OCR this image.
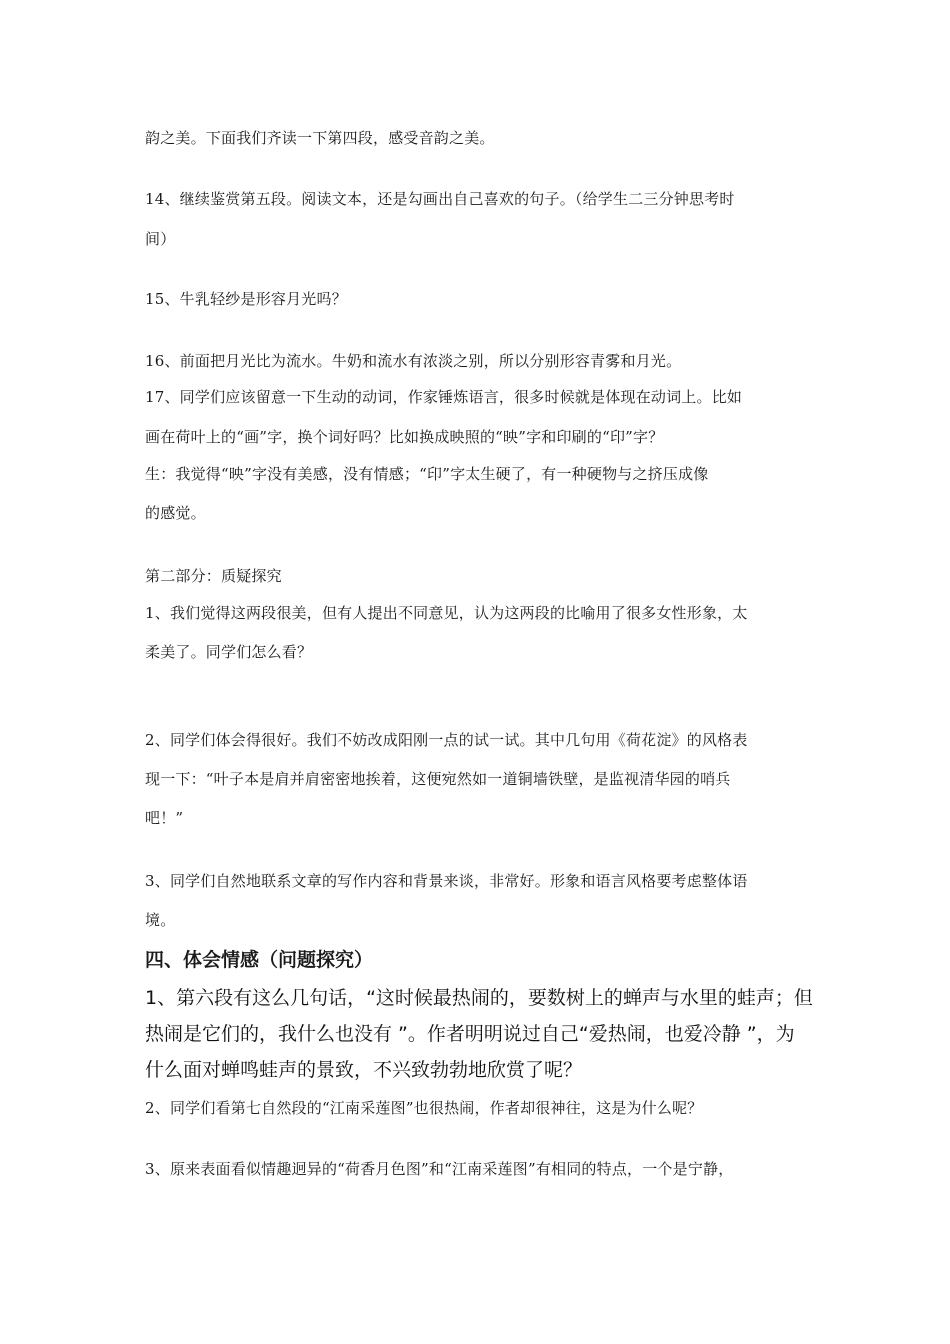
韵之美。下面我们齐读一下第四段，感受音韵之美。
14、继续鉴赏第五段。阅读文本，还是勾画出自己喜欢的句子。（给学生二三分钟思考时
间）
15、牛乳轻纱是形容月光吗？
16、前面把月光比为流水。牛奶和流水有浓淡之别，所以分别形容青雾和月光。
17、同学们应该留意一下生动的动词，作家锤炼语言，很多时候就是体现在动词上。比如
画在荷叶上的“画”字，换个词好吗？比如换成映照的“映”字和印刷的“印”字？
生：我觉得“映”字没有美感，没有情感；“印”字太生硬了，有一种硬物与之挤压成像
的感觉。
第二部分：质疑探究
1、我们觉得这两段很美，但有人提出不同意见，认为这两段的比喻用了很多女性形象，太
柔美了。同学们怎么看？
2、同学们体会得很好。我们不妨改成阳刚一点的试一试。其中几句用《荷花淀》的风格表
现一下：“叶子本是肩并肩密密地挨着，这便宛然如一道铜墙铁壁，是监视清华园的哨兵
吧！”
3、同学们自然地联系文章的写作内容和背景来谈，非常好。形象和语言风格要考虑整体语
境。
四、体会情感（问题探究）
1、第六段有这么几句话，“这时候最热闹的，要数树上的蝉声与水里的蛙声；但
热闹是它们的，我什么也没有 ”。作者明明说过自己“爱热闹，也爱冷静 ”，为
什么面对蝉鸣蛙声的景致，不兴致勃勃地欣赏了呢？
2、同学们看第七自然段的“江南采莲图”也很热闹，作者却很神往，这是为什么呢？
3、原来表面看似情趣迥异的“荷香月色图”和“江南采莲图”有相同的特点，一个是宁静，
